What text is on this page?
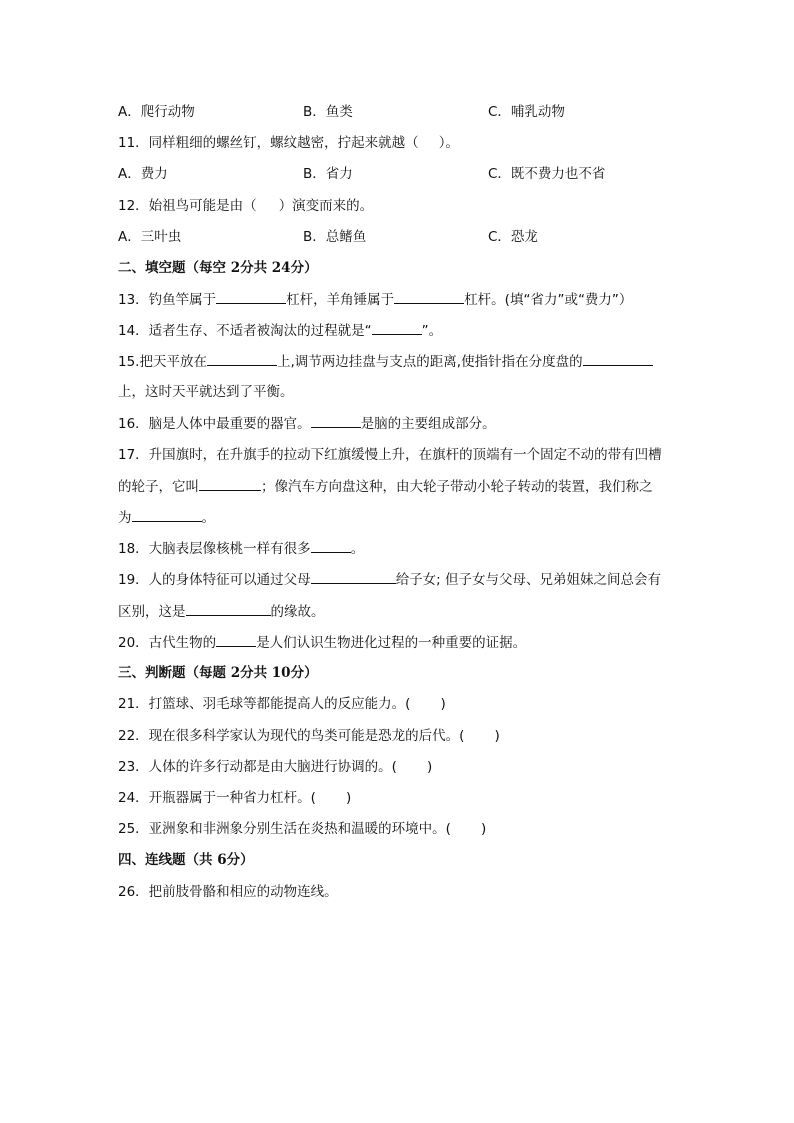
A．爬行动物	B．鱼类	C．哺乳动物
11．同样粗细的螺丝钉，螺纹越密，拧起来就越（ ）。
A．费力	B．省力	C．既不费力也不省
12．始祖鸟可能是由（ ）演变而来的。
A．三叶虫	B．总鳍鱼	C．恐龙
二、填空题（每空 2分共 24分）
13．钓鱼竿属于	杠杆，羊角锤属于	杠杆。(填“省力”或“费力”）
14．适者生存、不适者被淘汰的过程就是“	”。
15.把天平放在	上,调节两边挂盘与支点的距离,使指针指在分度盘的
上，这时天平就达到了平衡。
16．脑是人体中最重要的器官。	是脑的主要组成部分。
17．升国旗时，在升旗手的拉动下红旗缓慢上升，在旗杆的顶端有一个固定不动的带有凹槽
的轮子，它叫	；像汽车方向盘这种，由大轮子带动小轮子转动的装置，我们称之
为	。
18．大脑表层像核桃一样有很多	。
19．人的身体特征可以通过父母	给子女; 但子女与父母、兄弟姐妹之间总会有
区别，这是	的缘故。
20．古代生物的	是人们认识生物进化过程的一种重要的证据。
三、判断题（每题 2分共 10分）
21．打篮球、羽毛球等都能提高人的反应能力。( )
22．现在很多科学家认为现代的鸟类可能是恐龙的后代。( )
23．人体的许多行动都是由大脑进行协调的。( )
24．开瓶器属于一种省力杠杆。( )
25．亚洲象和非洲象分别生活在炎热和温暖的环境中。( )
四、连线题（共 6分）
26．把前肢骨骼和相应的动物连线。
